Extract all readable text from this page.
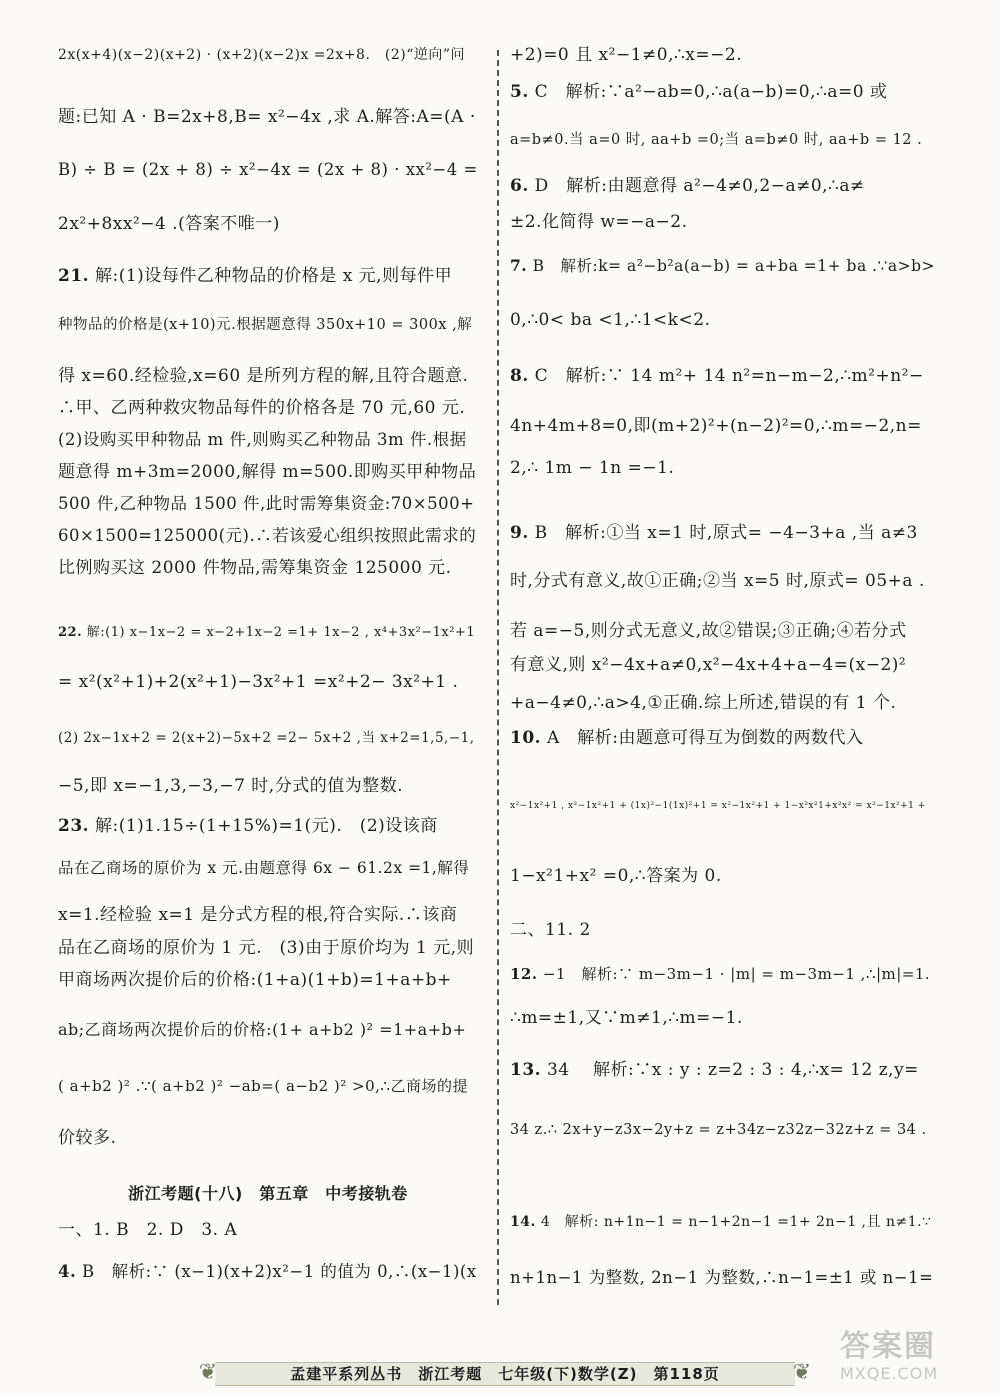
2x(x+4)(x−2)(x+2) · (x+2)(x−2)x =2x+8.　(2)“逆向”问
题:已知 A · B=2x+8,B= x²−4x ,求 A.解答:A=(A ·
B) ÷ B = (2x + 8) ÷ x²−4x = (2x + 8) · xx²−4 =
2x²+8xx²−4 .(答案不唯一)
21. 解:(1)设每件乙种物品的价格是 x 元,则每件甲
种物品的价格是(x+10)元.根据题意得 350x+10 = 300x ,解
得 x=60.经检验,x=60 是所列方程的解,且符合题意.
∴甲、乙两种救灾物品每件的价格各是 70 元,60 元.
(2)设购买甲种物品 m 件,则购买乙种物品 3m 件.根据
题意得 m+3m=2000,解得 m=500.即购买甲种物品
500 件,乙种物品 1500 件,此时需筹集资金:70×500+
60×1500=125000(元).∴若该爱心组织按照此需求的
比例购买这 2000 件物品,需筹集资金 125000 元.
22. 解:(1) x−1x−2 = x−2+1x−2 =1+ 1x−2 , x⁴+3x²−1x²+1
= x²(x²+1)+2(x²+1)−3x²+1 =x²+2− 3x²+1 .
(2) 2x−1x+2 = 2(x+2)−5x+2 =2− 5x+2 ,当 x+2=1,5,−1,
−5,即 x=−1,3,−3,−7 时,分式的值为整数.
23. 解:(1)1.15÷(1+15%)=1(元).　(2)设该商
品在乙商场的原价为 x 元.由题意得 6x − 61.2x =1,解得
x=1.经检验 x=1 是分式方程的根,符合实际.∴该商
品在乙商场的原价为 1 元.　(3)由于原价均为 1 元,则
甲商场两次提价后的价格:(1+a)(1+b)=1+a+b+
ab;乙商场两次提价后的价格:(1+ a+b2 )² =1+a+b+
( a+b2 )² .∵( a+b2 )² −ab=( a−b2 )² >0,∴乙商场的提
价较多.
一、1. B　2. D　3. A
4. B　解析:∵ (x−1)(x+2)x²−1 的值为 0,∴(x−1)(x
浙江考题(十八)　第五章　中考接轨卷
+2)=0 且 x²−1≠0,∴x=−2.
5. C　解析:∵a²−ab=0,∴a(a−b)=0,∴a=0 或
a=b≠0.当 a=0 时, aa+b =0;当 a=b≠0 时, aa+b = 12 .
6. D　解析:由题意得 a²−4≠0,2−a≠0,∴a≠
±2.化简得 w=−a−2.
7. B　解析:k= a²−b²a(a−b) = a+ba =1+ ba .∵a>b>
0,∴0< ba <1,∴1<k<2.
8. C　解析:∵ 14 m²+ 14 n²=n−m−2,∴m²+n²−
4n+4m+8=0,即(m+2)²+(n−2)²=0,∴m=−2,n=
2,∴ 1m − 1n =−1.
9. B　解析:①当 x=1 时,原式= −4−3+a ,当 a≠3
时,分式有意义,故①正确;②当 x=5 时,原式= 05+a .
若 a=−5,则分式无意义,故②错误;③正确;④若分式
有意义,则 x²−4x+a≠0,x²−4x+4+a−4=(x−2)²
+a−4≠0,∴a>4,①正确.综上所述,错误的有 1 个.
10. A　解析:由题意可得互为倒数的两数代入
x²−1x²+1 , x²−1x²+1 + (1x)²−1(1x)²+1 = x²−1x²+1 + 1−x²x²1+x²x² = x²−1x²+1 +
1−x²1+x² =0,∴答案为 0.
二、11. 2
12. −1　解析:∵ m−3m−1 · |m| = m−3m−1 ,∴|m|=1.
∴m=±1,又∵m≠1,∴m=−1.
13. 34 　解析:∵x : y : z=2 : 3 : 4,∴x= 12 z,y=
34 z.∴ 2x+y−z3x−2y+z = z+34z−z32z−32z+z = 34 .
14. 4　解析: n+1n−1 = n−1+2n−1 =1+ 2n−1 ,且 n≠1.∵
n+1n−1 为整数, 2n−1 为整数,∴n−1=±1 或 n−1=
❦	❦
孟建平系列丛书　浙江考题　七年级(下)数学(Z)　第118页
答案圈
MXQE.COM
